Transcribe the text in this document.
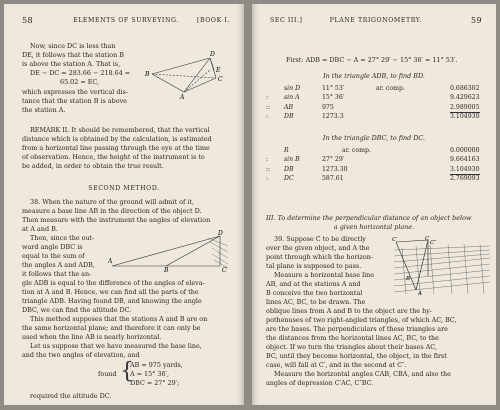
58	ELEMENTS OF SURVEYING.	[BOOK I.
Now, since DC is less than
DE, it follows that the station B
is above the station A. That is,
DE − DC = 283.66 − 218.64 =
65.02 = EC,
which expresses the vertical dis-
tance that the station B is above
the station A.
D
B
E
C
A
REMARK II. It should be remembered, that the vertical
distance which is obtained by the calculation, is estimated
from a horizontal line passing through the eye at the time
of observation. Hence, the height of the instrument is to
be added, in order to obtain the true result.
SECOND METHOD.
38. When the nature of the ground will admit of it,
measure a base line AB in the direction of the object D.
Then measure with the instrument the angles of elevation
at A and B.
Then, since the out-
ward angle DBC is
equal to the sum of
the angles A and ADB,
it follows that the an-
D
A
B	C
gle ADB is equal to the difference of the angles of eleva-
tion at A and B. Hence, we can find all the parts of the
triangle ADB. Having found DB, and knowing the angle
DBC, we can find the altitude DC.
This method supposes that the stations A and B are on
the same horizontal plane; and therefore it can only be
used when the line AB is nearly horizontal.
Let us suppose that we have measured the base line,
and the two angles of elevation, and
found {
AB = 975 yards,
A = 15° 36′,
DBC = 27° 29′;
required the altitude DC.
SEC III.]	PLANE TRIGONOMETRY.	59
First: ADB = DBC − A = 27° 29′ − 15° 36′ = 11° 53′.
In the triangle ADB, to find BD.
sin D	11° 53′	ar. comp.	0.686302
:	sin A	15° 36′	9.429623
:: AB	975	2.989005
:	DB	1273.3	3.104930
In the triangle DBC, to find DC.
R	ar. comp.	0.000000
:	sin B	27° 29′	9.664163
:: DB	1273.30	3.104930
:	DC	587.61	2.769093
III. To determine the perpendicular distance of an object below
a given horizontal plane.
39. Suppose C to be directly
over the given object, and A the
point through which the horizon-
tal plane is supposed to pass.
Measure a horizontal base line
AB, and at the stations A and
B conceive the two horizontal
lines AC, BC, to be drawn. The
C′	C
C″
B
A
oblique lines from A and B to the object are the hy-
pothenuses of two right-angled triangles, of which AC, BC,
are the bases. The perpendiculars of these triangles are
the distances from the horizontal lines AC, BC, to the
object. If we turn the triangles about their bases AC,
BC, until they become horizontal, the object, in the first
case, will fall at C′, and in the second at C″.
Measure the horizontal angles CAB, CBA, and also the
angles of depression C′AC, C″BC.
